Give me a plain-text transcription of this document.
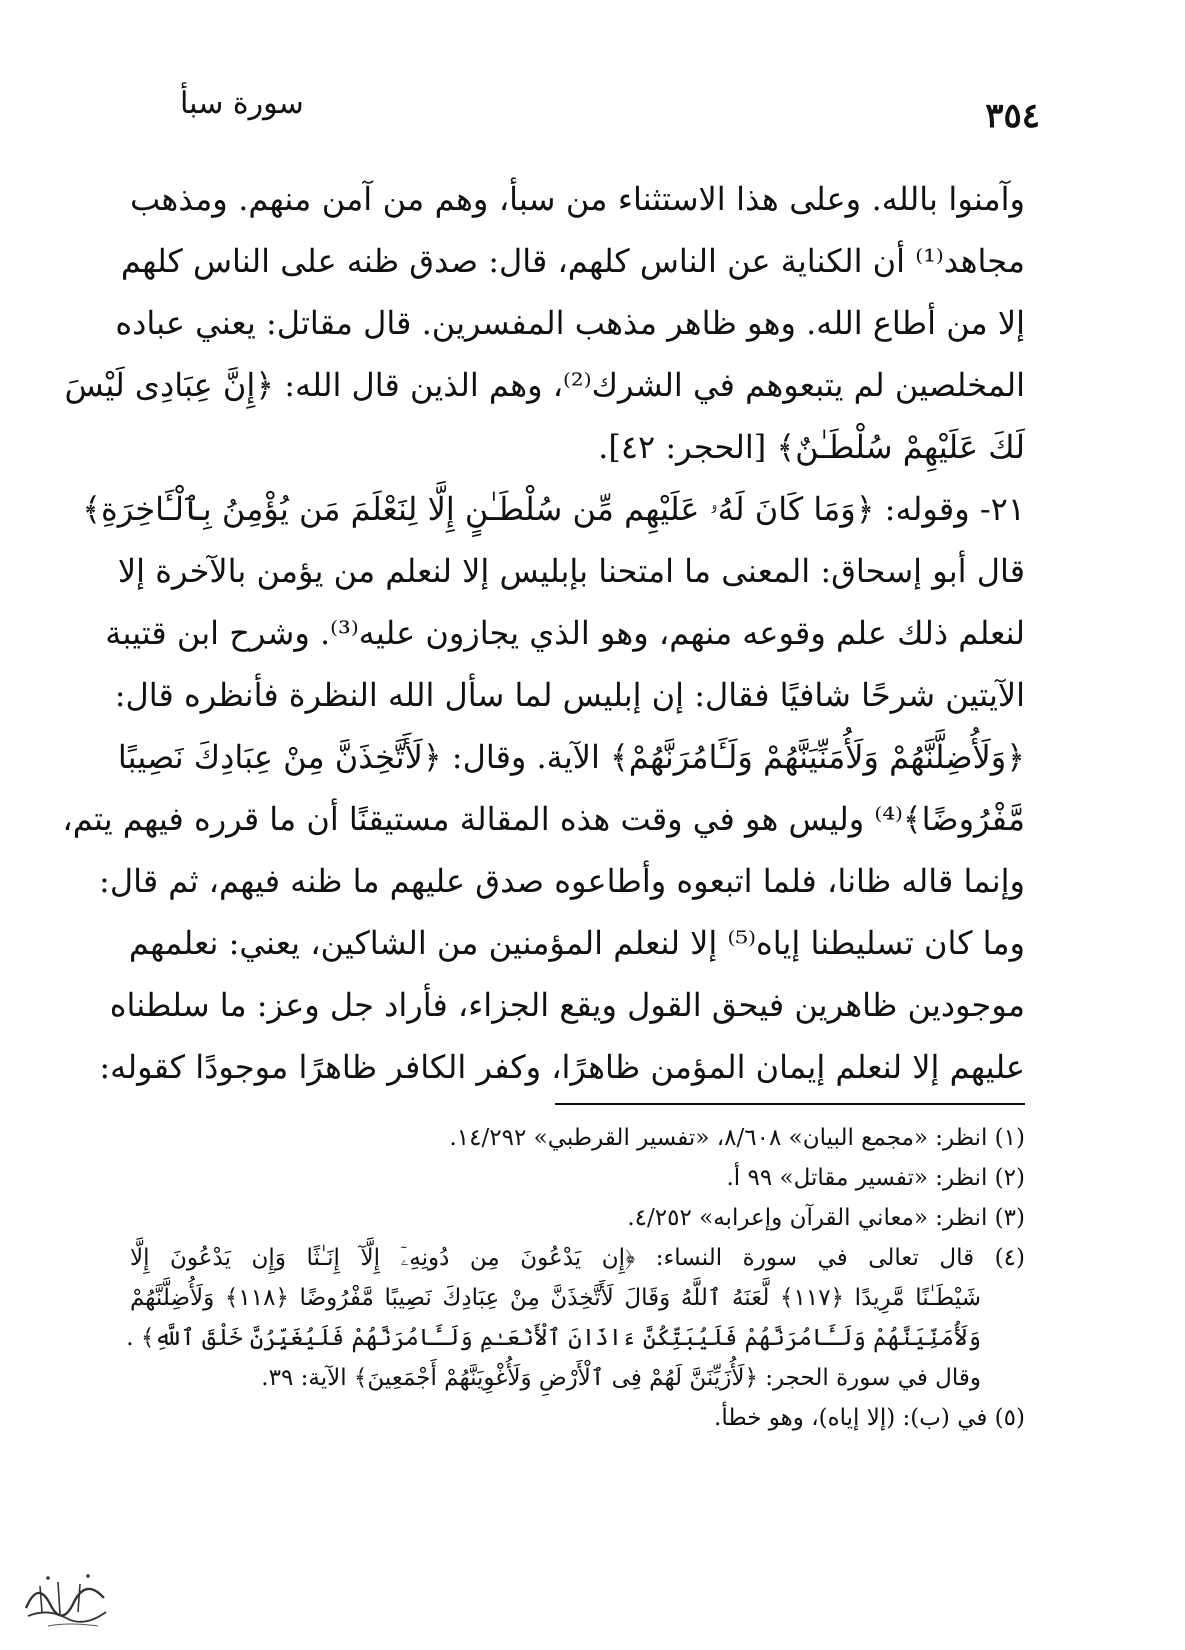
٣٥٤
سورة سبأ
وآمنوا بالله. وعلى هذا الاستثناء من سبأ، وهم من آمن منهم. ومذهب
مجاهد⁽¹⁾ أن الكناية عن الناس كلهم، قال: صدق ظنه على الناس كلهم
إلا من أطاع الله. وهو ظاهر مذهب المفسرين. قال مقاتل: يعني عباده
المخلصين لم يتبعوهم في الشرك⁽²⁾، وهم الذين قال الله: ﴿إِنَّ عِبَادِى لَيْسَ
لَكَ عَلَيْهِمْ سُلْطَـٰنٌ﴾ [الحجر: ٤٢].
٢١- وقوله: ﴿وَمَا كَانَ لَهُۥ عَلَيْهِم مِّن سُلْطَـٰنٍ إِلَّا لِنَعْلَمَ مَن يُؤْمِنُ بِٱلْـَٔاخِرَةِ﴾
قال أبو إسحاق: المعنى ما امتحنا بإبليس إلا لنعلم من يؤمن بالآخرة إلا
لنعلم ذلك علم وقوعه منهم، وهو الذي يجازون عليه⁽³⁾. وشرح ابن قتيبة
الآيتين شرحًا شافيًا فقال: إن إبليس لما سأل الله النظرة فأنظره قال:
﴿وَلَأُضِلَّنَّهُمْ وَلَأُمَنِّيَنَّهُمْ وَلَـَٔامُرَنَّهُمْ﴾ الآية. وقال: ﴿لَأَتَّخِذَنَّ مِنْ عِبَادِكَ نَصِيبًا
مَّفْرُوضًا﴾⁽⁴⁾ وليس هو في وقت هذه المقالة مستيقنًا أن ما قرره فيهم يتم،
وإنما قاله ظانا، فلما اتبعوه وأطاعوه صدق عليهم ما ظنه فيهم، ثم قال:
وما كان تسليطنا إياه⁽⁵⁾ إلا لنعلم المؤمنين من الشاكين، يعني: نعلمهم
موجودين ظاهرين فيحق القول ويقع الجزاء، فأراد جل وعز: ما سلطناه
عليهم إلا لنعلم إيمان المؤمن ظاهرًا، وكفر الكافر ظاهرًا موجودًا كقوله:
(١) انظر: «مجمع البيان» ٨/٦٠٨، «تفسير القرطبي» ١٤/٢٩٢.
(٢) انظر: «تفسير مقاتل» ٩٩ أ.
(٣) انظر: «معاني القرآن وإعرابه» ٤/٢٥٢.
(٤) قال تعالى في سورة النساء: ﴿إِن يَدْعُونَ مِن دُونِهِۦٓ إِلَّآ إِنَـٰثًا وَإِن يَدْعُونَ إِلَّا
شَيْطَـٰنًا مَّرِيدًا ﴿١١٧﴾ لَّعَنَهُ ٱللَّهُ وَقَالَ لَأَتَّخِذَنَّ مِنْ عِبَادِكَ نَصِيبًا مَّفْرُوضًا ﴿١١٨﴾ وَلَأُضِلَّنَّهُمْ
وَلَأُمَنِّيَنَّهُمْ وَلَـَٔامُرَنَّهُمْ فَلَيُبَتِّكُنَّ ءَاذَانَ ٱلْأَنْعَـٰمِ وَلَـَٔامُرَنَّهُمْ فَلَيُغَيِّرُنَّ خَلْقَ ٱللَّهِ﴾ .
وقال في سورة الحجر: ﴿لَأُزَيِّنَنَّ لَهُمْ فِى ٱلْأَرْضِ وَلَأُغْوِيَنَّهُمْ أَجْمَعِينَ﴾ الآية: ٣٩.
(٥) في (ب): (إلا إياه)، وهو خطأ.
